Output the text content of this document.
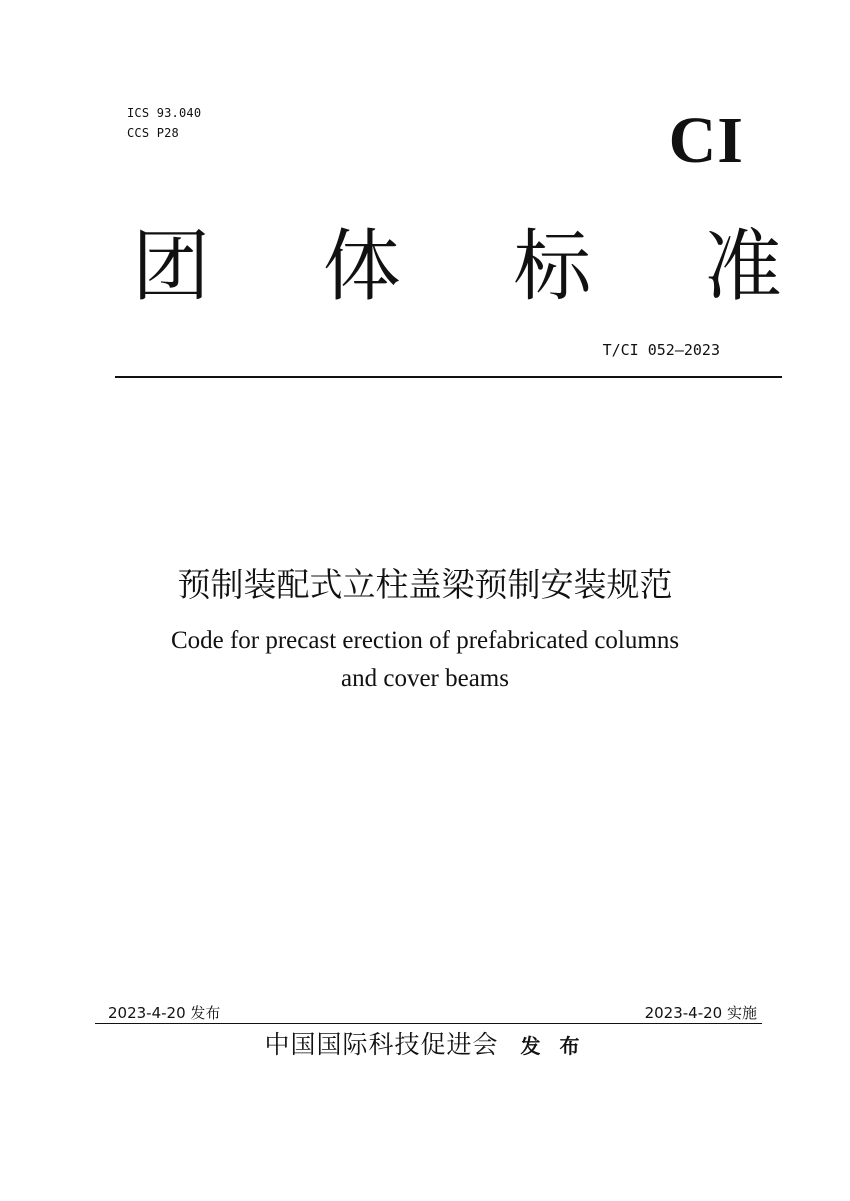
ICS 93.040
CCS P28	CI
团 体 标 准
T/CI 052—2023
预制装配式立柱盖梁预制安装规范
Code for precast erection of prefabricated columns
and cover beams
2023-4-20 发布	2023-4-20 实施
中国国际科技促进会 发 布
